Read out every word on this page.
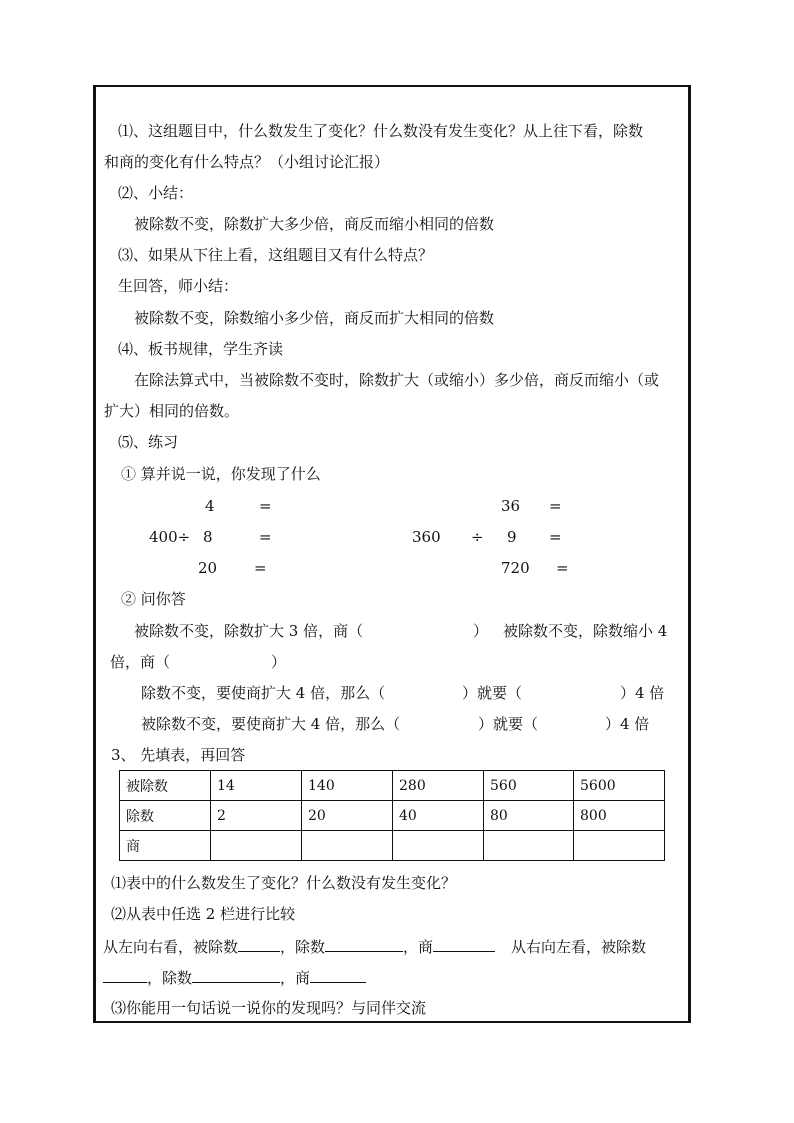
⑴、这组题目中，什么数发生了变化？什么数没有发生变化？从上往下看，除数
和商的变化有什么特点？（小组讨论汇报）
⑵、小结：
被除数不变，除数扩大多少倍，商反而缩小相同的倍数
⑶、如果从下往上看，这组题目又有什么特点？
生回答，师小结：
被除数不变，除数缩小多少倍，商反而扩大相同的倍数
⑷、板书规律，学生齐读
在除法算式中，当被除数不变时，除数扩大（或缩小）多少倍，商反而缩小（或
扩大）相同的倍数。
⑸、练习
① 算并说一说，你发现了什么
4	=	36 =
400÷ 8	=	360 ÷ 9 =
20 =	720 =
② 问你答
被除数不变，除数扩大 3 倍，商（	） 被除数不变，除数缩小 4
倍，商（	）
除数不变，要使商扩大 4 倍，那么（	）就要（	）4 倍
被除数不变，要使商扩大 4 倍，那么（	）就要（	）4 倍
3、 先填表，再回答
被除数	14	140	280	560	5600
除数	2	20	40	80	800
商					
⑴表中的什么数发生了变化？什么数没有发生变化？
⑵从表中任选 2 栏进行比较
从左向右看，被除数	，除数	，商	从右向左看，被除数
，除数	，商
⑶你能用一句话说一说你的发现吗？与同伴交流
